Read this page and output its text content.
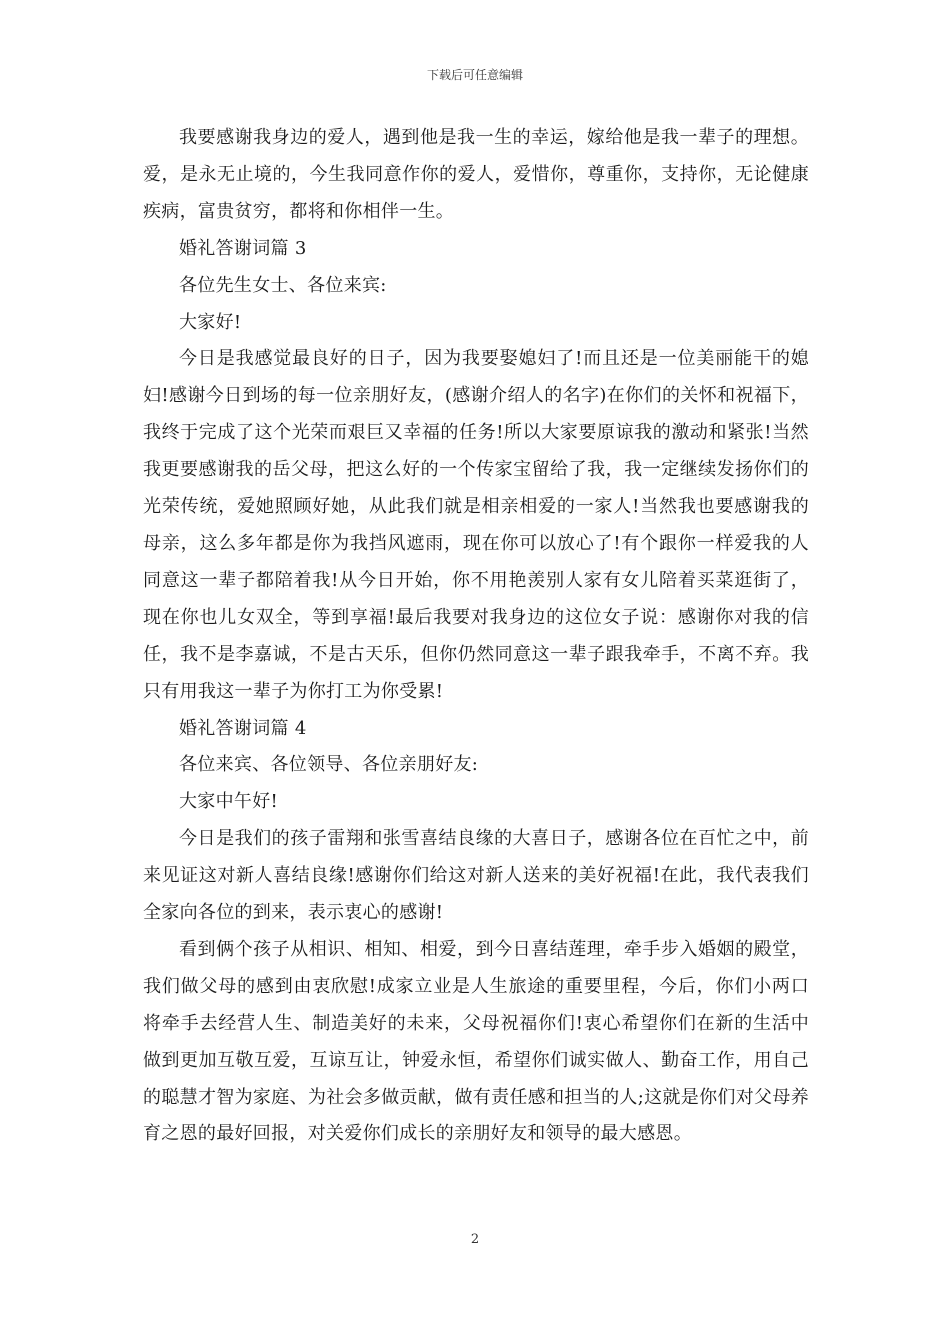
下载后可任意编辑

我要感谢我身边的爱人，遇到他是我一生的幸运，嫁给他是我一辈子的理想。爱，是永无止境的，今生我同意作你的爱人，爱惜你，尊重你，支持你，无论健康疾病，富贵贫穷，都将和你相伴一生。

婚礼答谢词篇 3

各位先生女士、各位来宾:

大家好!

今日是我感觉最良好的日子，因为我要娶媳妇了!而且还是一位美丽能干的媳妇!感谢今日到场的每一位亲朋好友，(感谢介绍人的名字)在你们的关怀和祝福下，我终于完成了这个光荣而艰巨又幸福的任务!所以大家要原谅我的激动和紧张!当然我更要感谢我的岳父母，把这么好的一个传家宝留给了我，我一定继续发扬你们的光荣传统，爱她照顾好她，从此我们就是相亲相爱的一家人!当然我也要感谢我的母亲，这么多年都是你为我挡风遮雨，现在你可以放心了!有个跟你一样爱我的人同意这一辈子都陪着我!从今日开始，你不用艳羡别人家有女儿陪着买菜逛街了，现在你也儿女双全，等到享福!最后我要对我身边的这位女子说：感谢你对我的信任，我不是李嘉诚，不是古天乐，但你仍然同意这一辈子跟我牵手，不离不弃。我只有用我这一辈子为你打工为你受累!

婚礼答谢词篇 4

各位来宾、各位领导、各位亲朋好友:

大家中午好!

今日是我们的孩子雷翔和张雪喜结良缘的大喜日子，感谢各位在百忙之中，前来见证这对新人喜结良缘!感谢你们给这对新人送来的美好祝福!在此，我代表我们全家向各位的到来，表示衷心的感谢!

看到俩个孩子从相识、相知、相爱，到今日喜结莲理，牵手步入婚姻的殿堂，我们做父母的感到由衷欣慰!成家立业是人生旅途的重要里程，今后，你们小两口将牵手去经营人生、制造美好的未来，父母祝福你们!衷心希望你们在新的生活中做到更加互敬互爱，互谅互让，钟爱永恒，希望你们诚实做人、勤奋工作，用自己的聪慧才智为家庭、为社会多做贡献，做有责任感和担当的人;这就是你们对父母养育之恩的最好回报，对关爱你们成长的亲朋好友和领导的最大感恩。

2
